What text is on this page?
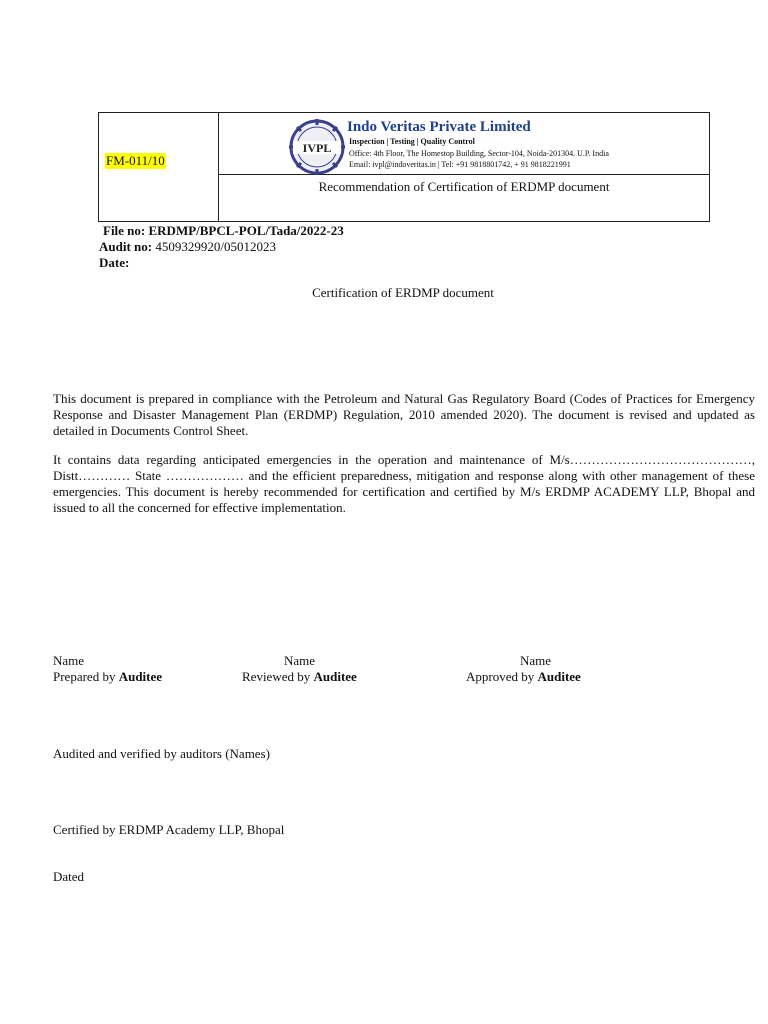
FM-011/10
IVPL
Indo Veritas Private Limited
Inspection | Testing | Quality Control
Office: 4th Floor, The Homestop Building, Sector-104, Noida-201304. U.P. India
Email: ivpl@indoveritas.in | Tel: +91 9818801742, + 91 9818221991
Recommendation of Certification of ERDMP document
File no: ERDMP/BPCL-POL/Tada/2022-23
Audit no: 4509329920/05012023
Date:
Certification of ERDMP document
This document is prepared in compliance with the Petroleum and Natural Gas Regulatory Board (Codes of Practices for Emergency Response and Disaster Management Plan (ERDMP) Regulation, 2010 amended 2020). The document is revised and updated as detailed in Documents Control Sheet.
It contains data regarding anticipated emergencies in the operation and maintenance of M/s……………………………………, Distt………… State ……………… and the efficient preparedness, mitigation and response along with other management of these emergencies. This document is hereby recommended for certification and certified by M/s ERDMP ACADEMY LLP, Bhopal and issued to all the concerned for effective implementation.
Name	Name	Name
Prepared by Auditee	Reviewed by Auditee	Approved by Auditee
Audited and verified by auditors (Names)
Certified by ERDMP Academy LLP, Bhopal
Dated
